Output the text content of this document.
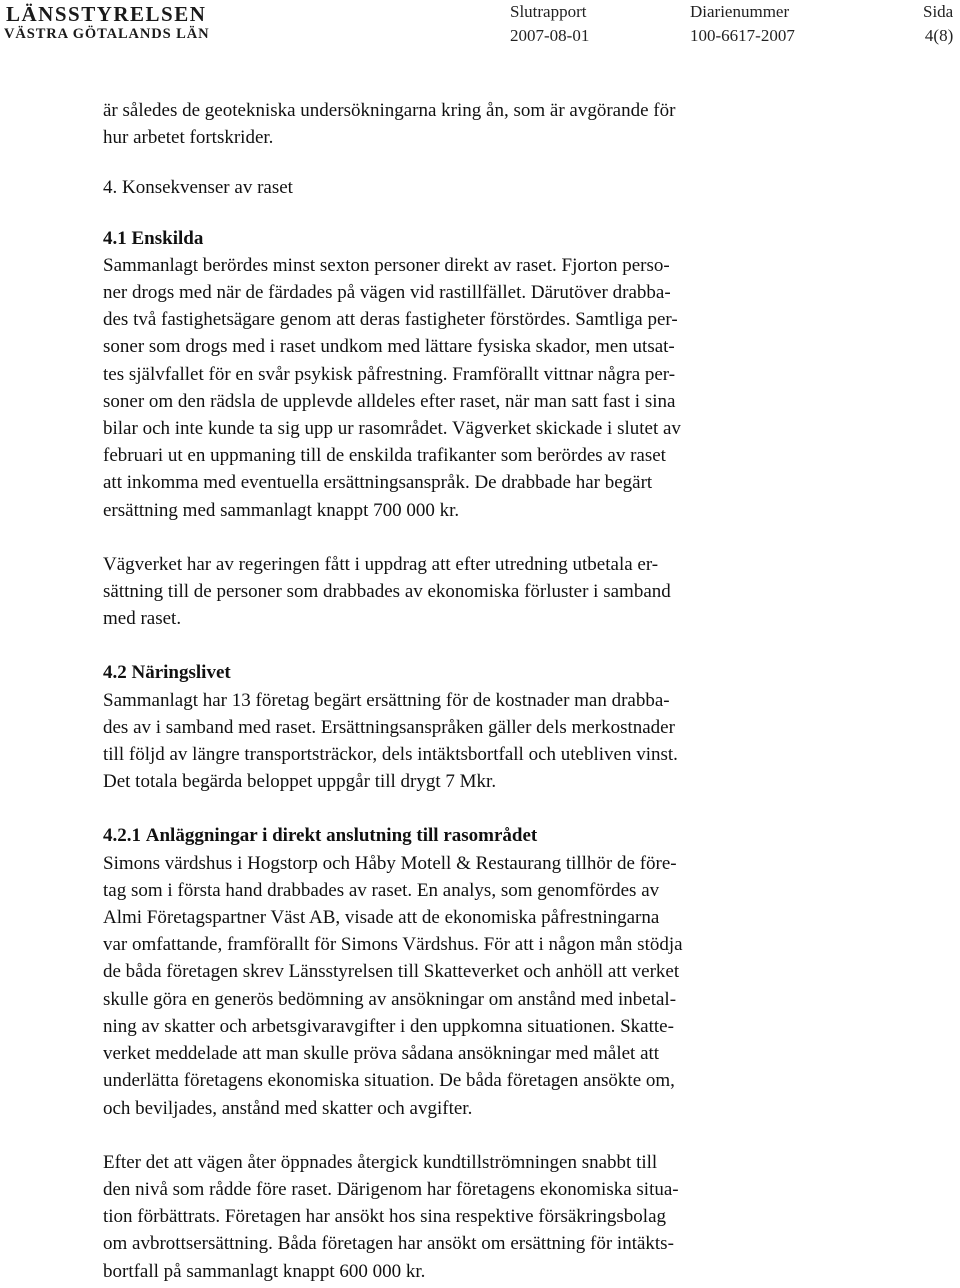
LÄNSSTYRELSEN
VÄSTRA GÖTALANDS LÄN
Slutrapport
2007-08-01
Diarienummer
100-6617-2007
Sida
4(8)

är således de geotekniska undersökningarna kring ån, som är avgörande för
hur arbetet fortskrider.

4. Konsekvenser av raset

4.1 Enskilda

Sammanlagt berördes minst sexton personer direkt av raset. Fjorton perso-
ner drogs med när de färdades på vägen vid rastillfället. Därutöver drabba-
des två fastighetsägare genom att deras fastigheter förstördes. Samtliga per-
soner som drogs med i raset undkom med lättare fysiska skador, men utsat-
tes självfallet för en svår psykisk påfrestning. Framförallt vittnar några per-
soner om den rädsla de upplevde alldeles efter raset, när man satt fast i sina
bilar och inte kunde ta sig upp ur rasområdet. Vägverket skickade i slutet av
februari ut en uppmaning till de enskilda trafikanter som berördes av raset
att inkomma med eventuella ersättningsanspråk. De drabbade har begärt
ersättning med sammanlagt knappt 700 000 kr.

Vägverket har av regeringen fått i uppdrag att efter utredning utbetala er-
sättning till de personer som drabbades av ekonomiska förluster i samband
med raset.

4.2 Näringslivet

Sammanlagt har 13 företag begärt ersättning för de kostnader man drabba-
des av i samband med raset. Ersättningsanspråken gäller dels merkostnader
till följd av längre transportsträckor, dels intäktsbortfall och utebliven vinst.
Det totala begärda beloppet uppgår till drygt 7 Mkr.

4.2.1 Anläggningar i direkt anslutning till rasområdet

Simons värdshus i Hogstorp och Håby Motell & Restaurang tillhör de före-
tag som i första hand drabbades av raset. En analys, som genomfördes av
Almi Företagspartner Väst AB, visade att de ekonomiska påfrestningarna
var omfattande, framförallt för Simons Värdshus. För att i någon mån stödja
de båda företagen skrev Länsstyrelsen till Skatteverket och anhöll att verket
skulle göra en generös bedömning av ansökningar om anstånd med inbetal-
ning av skatter och arbetsgivaravgifter i den uppkomna situationen. Skatte-
verket meddelade att man skulle pröva sådana ansökningar med målet att
underlätta företagens ekonomiska situation. De båda företagen ansökte om,
och beviljades, anstånd med skatter och avgifter.

Efter det att vägen åter öppnades återgick kundtillströmningen snabbt till
den nivå som rådde före raset. Därigenom har företagens ekonomiska situa-
tion förbättrats. Företagen har ansökt hos sina respektive försäkringsbolag
om avbrottsersättning. Båda företagen har ansökt om ersättning för intäkts-
bortfall på sammanlagt knappt 600 000 kr.
